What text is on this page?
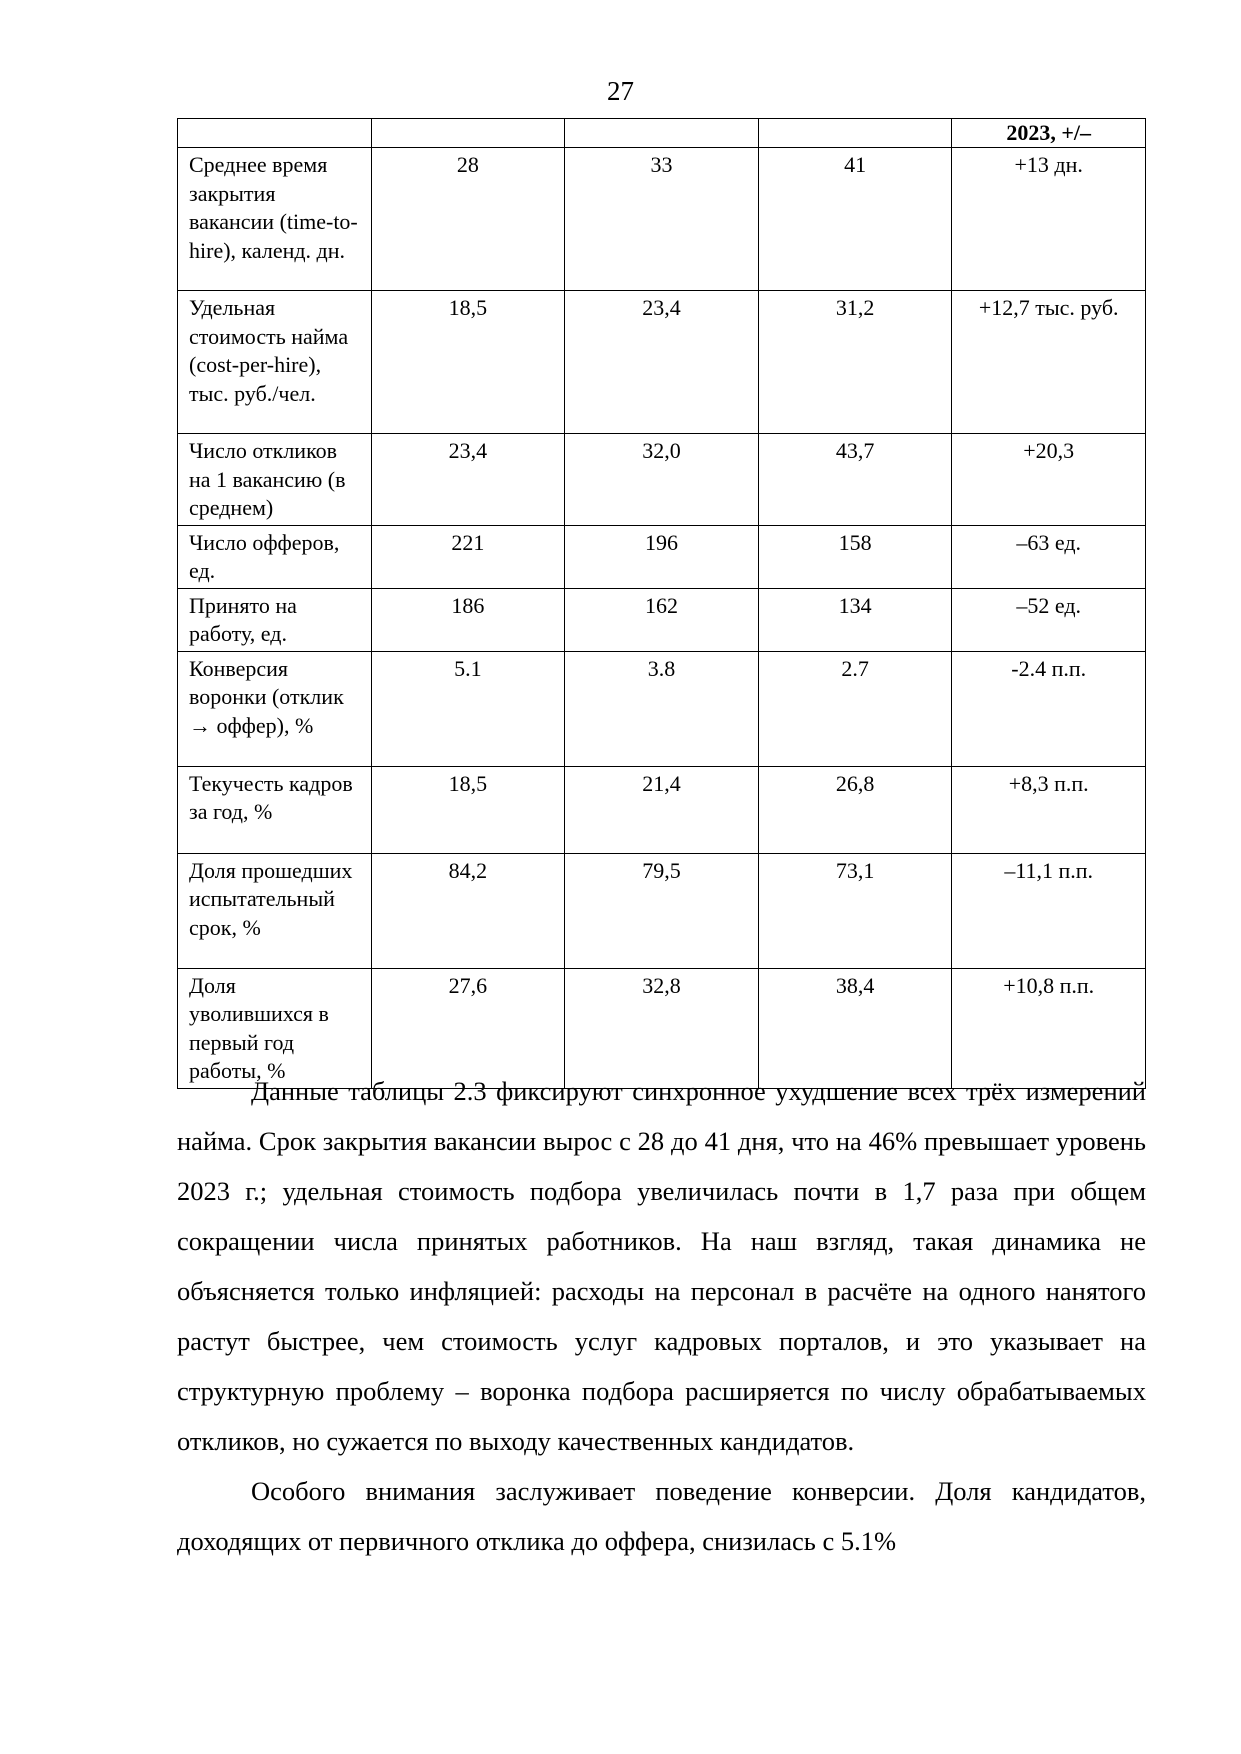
27
				2023, +/–
Среднее время закрытия вакансии (time-to-hire), календ. дн.	28	33	41	+13 дн.
Удельная стоимость найма (cost-per-hire), тыс. руб./чел.	18,5	23,4	31,2	+12,7 тыс. руб.
Число откликов на 1 вакансию (в среднем)	23,4	32,0	43,7	+20,3
Число офферов, ед.	221	196	158	–63 ед.
Принято на работу, ед.	186	162	134	–52 ед.
Конверсия воронки (отклик → оффер), %	5.1	3.8	2.7	-2.4 п.п.
Текучесть кадров за год, %	18,5	21,4	26,8	+8,3 п.п.
Доля прошедших испытательный срок, %	84,2	79,5	73,1	–11,1 п.п.
Доля уволившихся в первый год работы, %	27,6	32,8	38,4	+10,8 п.п.

Данные таблицы 2.3 фиксируют синхронное ухудшение всех трёх измерений найма. Срок закрытия вакансии вырос с 28 до 41 дня, что на 46% превышает уровень 2023 г.; удельная стоимость подбора увеличилась почти в 1,7 раза при общем сокращении числа принятых работников. На наш взгляд, такая динамика не объясняется только инфляцией: расходы на персонал в расчёте на одного нанятого растут быстрее, чем стоимость услуг кадровых порталов, и это указывает на структурную проблему – воронка подбора расширяется по числу обрабатываемых откликов, но сужается по выходу качественных кандидатов.

Особого внимания заслуживает поведение конверсии. Доля кандидатов, доходящих от первичного отклика до оффера, снизилась с 5.1%
